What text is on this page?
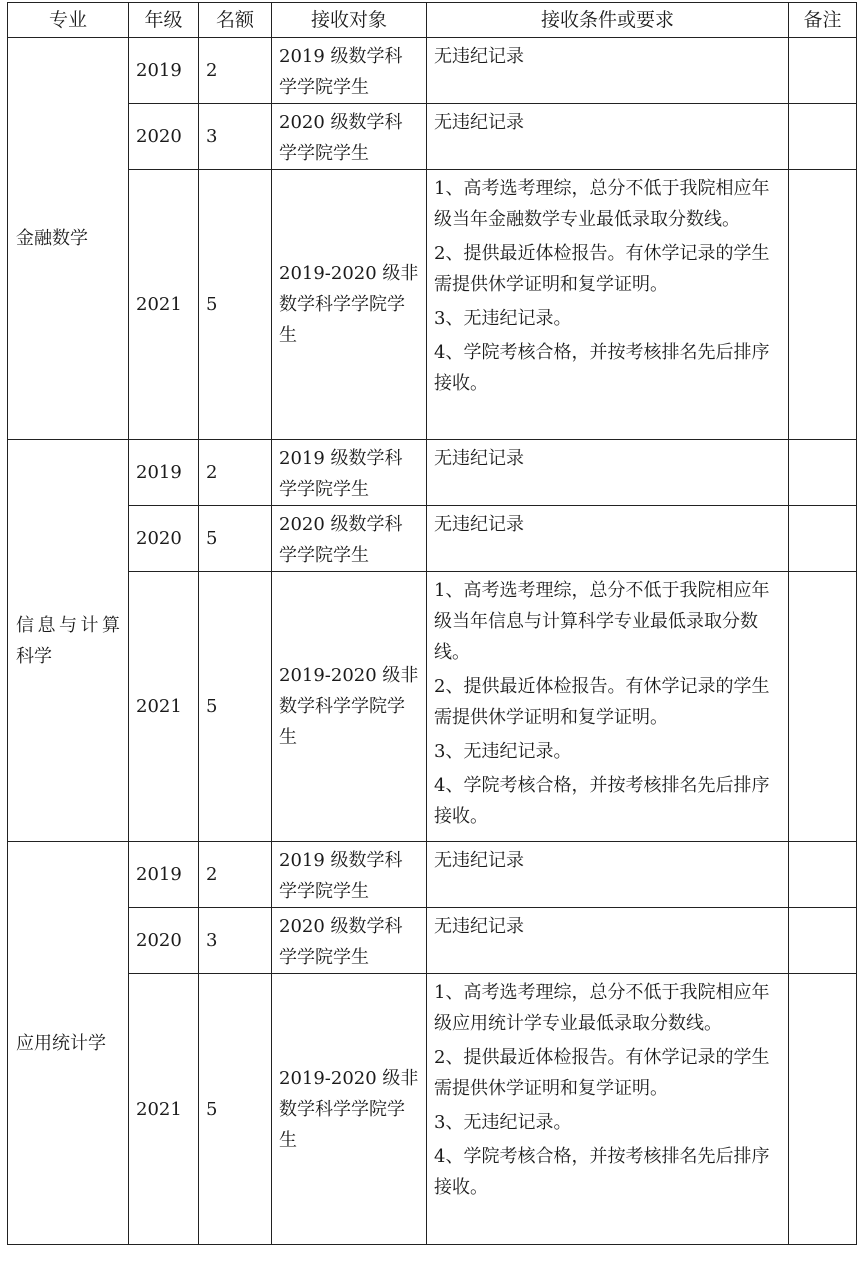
专业	年级	名额	接收对象	接收条件或要求	备注
金融数学	2019	2	2019 级数学科学学院学生	无违纪记录	

	2020	3	2020 级数学科学学院学生	无违纪记录	

	2021	5	2019-2020 级非数学科学学院学生	1、高考选考理综，总分不低于我院相应年级当年金融数学专业最低录取分数线。
2、提供最近体检报告。有休学记录的学生需提供休学证明和复学证明。
3、无违纪记录。
4、学院考核合格，并按考核排名先后排序接收。	

信息与计算科学	2019	2	2019 级数学科学学院学生	无违纪记录	

	2020	5	2020 级数学科学学院学生	无违纪记录	

	2021	5	2019-2020 级非数学科学学院学生	1、高考选考理综，总分不低于我院相应年级当年信息与计算科学专业最低录取分数线。
2、提供最近体检报告。有休学记录的学生需提供休学证明和复学证明。
3、无违纪记录。
4、学院考核合格，并按考核排名先后排序接收。	

应用统计学	2019	2	2019 级数学科学学院学生	无违纪记录	

	2020	3	2020 级数学科学学院学生	无违纪记录	

	2021	5	2019-2020 级非数学科学学院学生	1、高考选考理综，总分不低于我院相应年级应用统计学专业最低录取分数线。
2、提供最近体检报告。有休学记录的学生需提供休学证明和复学证明。
3、无违纪记录。
4、学院考核合格，并按考核排名先后排序接收。	
